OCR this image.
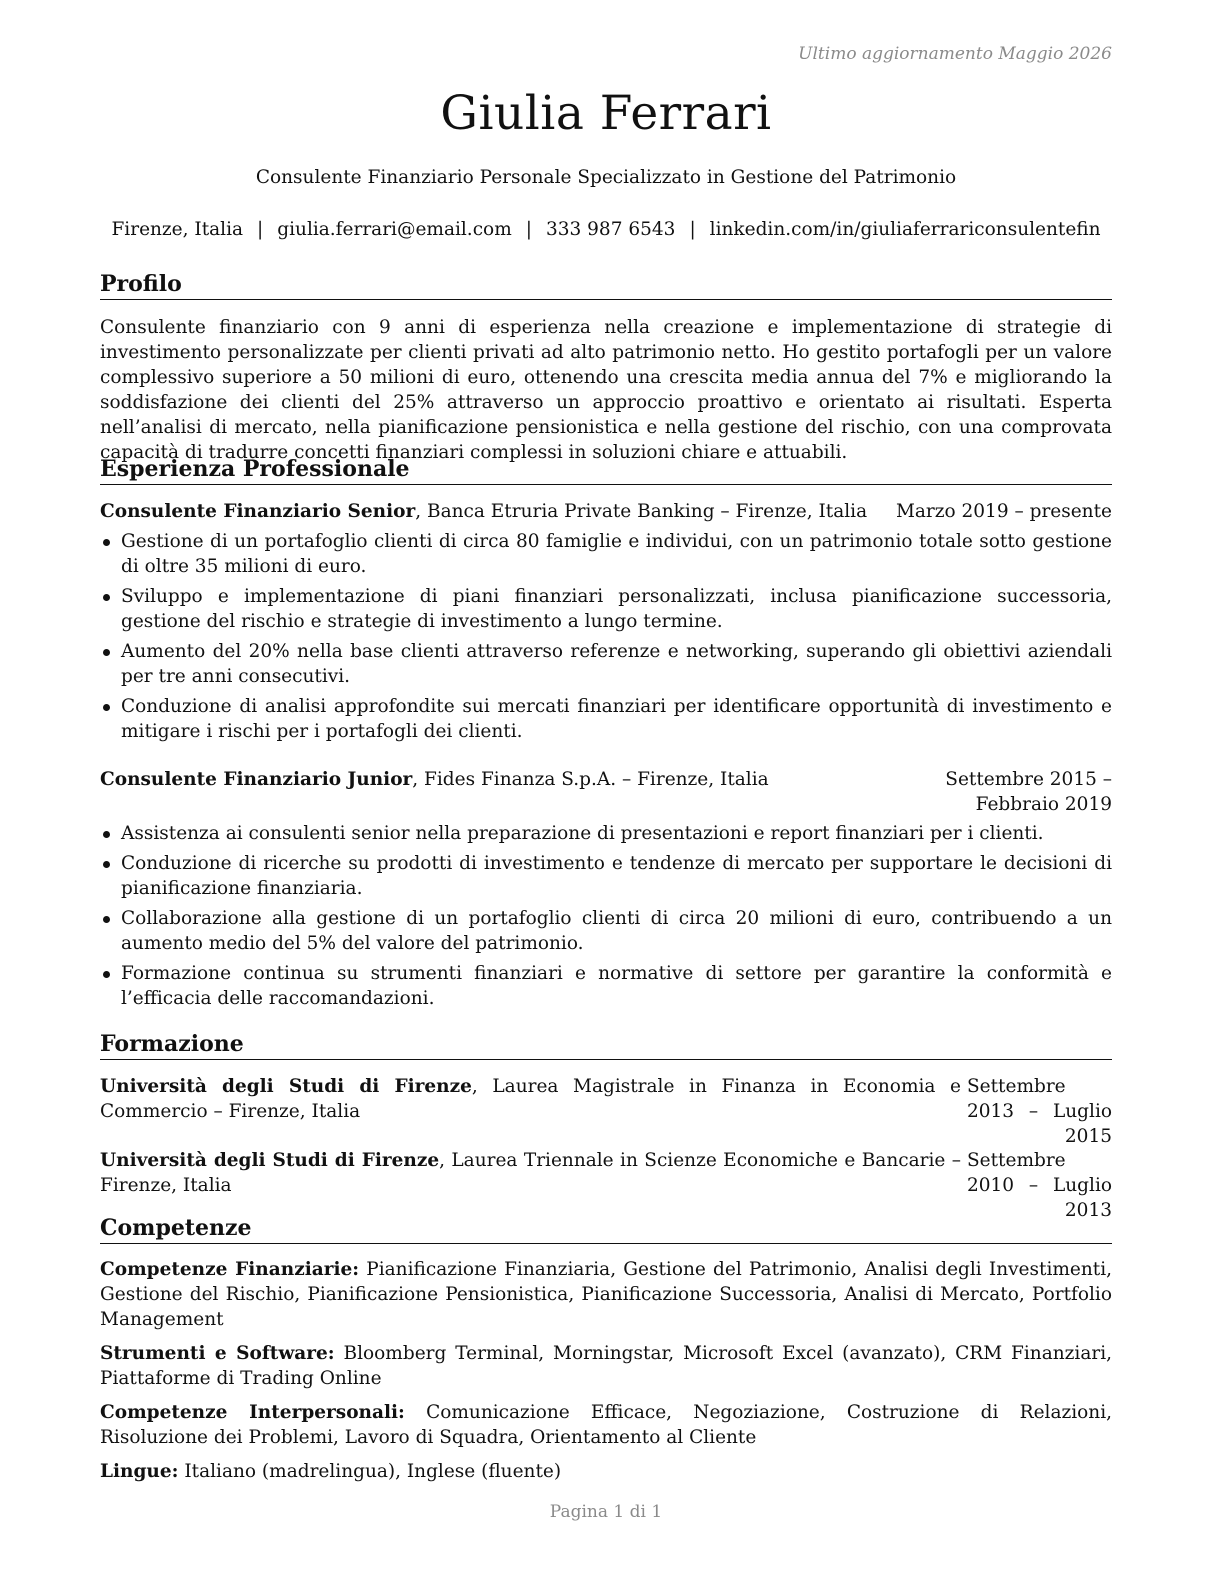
Ultimo aggiornamento Maggio 2026
Giulia Ferrari
Consulente Finanziario Personale Specializzato in Gestione del Patrimonio
Firenze, Italia | giulia.ferrari@email.com | 333 987 6543 | linkedin.com/in/giuliaferrariconsulentefin
Profilo
Consulente finanziario con 9 anni di esperienza nella creazione e implementazione di strategie di investimento personalizzate per clienti privati ad alto patrimonio netto. Ho gestito portafogli per un valore complessivo superiore a 50 milioni di euro, ottenendo una crescita media annua del 7% e migliorando la soddisfazione dei clienti del 25% attraverso un approccio proattivo e orientato ai risultati. Esperta nell’analisi di mercato, nella pianificazione pensionistica e nella gestione del rischio, con una comprovata capacità di tradurre concetti finanziari complessi in soluzioni chiare e attuabili.
Esperienza Professionale
Consulente Finanziario Senior, Banca Etruria Private Banking – Firenze, Italia	Marzo 2019 – presente
Gestione di un portafoglio clienti di circa 80 famiglie e individui, con un patrimonio totale sotto gestione di oltre 35 milioni di euro.
Sviluppo e implementazione di piani finanziari personalizzati, inclusa pianificazione successoria, gestione del rischio e strategie di investimento a lungo termine.
Aumento del 20% nella base clienti attraverso referenze e networking, superando gli obiettivi aziendali per tre anni consecutivi.
Conduzione di analisi approfondite sui mercati finanziari per identificare opportunità di investimento e mitigare i rischi per i portafogli dei clienti.
Consulente Finanziario Junior, Fides Finanza S.p.A. – Firenze, Italia	Settembre 2015 – Febbraio 2019
Assistenza ai consulenti senior nella preparazione di presentazioni e report finanziari per i clienti.
Conduzione di ricerche su prodotti di investimento e tendenze di mercato per supportare le decisioni di pianificazione finanziaria.
Collaborazione alla gestione di un portafoglio clienti di circa 20 milioni di euro, contribuendo a un aumento medio del 5% del valore del patrimonio.
Formazione continua su strumenti finanziari e normative di settore per garantire la conformità e l’efficacia delle raccomandazioni.
Formazione
Università degli Studi di Firenze, Laurea Magistrale in Finanza in Economia e Commercio – Firenze, Italia
Settembre 2013 – Luglio 2015
Università degli Studi di Firenze, Laurea Triennale in Scienze Economiche e Bancarie – Firenze, Italia
Settembre 2010 – Luglio 2013
Competenze
Competenze Finanziarie: Pianificazione Finanziaria, Gestione del Patrimonio, Analisi degli Investimenti, Gestione del Rischio, Pianificazione Pensionistica, Pianificazione Successoria, Analisi di Mercato, Portfolio Management
Strumenti e Software: Bloomberg Terminal, Morningstar, Microsoft Excel (avanzato), CRM Finanziari, Piattaforme di Trading Online
Competenze Interpersonali: Comunicazione Efficace, Negoziazione, Costruzione di Relazioni, Risoluzione dei Problemi, Lavoro di Squadra, Orientamento al Cliente
Lingue: Italiano (madrelingua), Inglese (fluente)
Pagina 1 di 1
